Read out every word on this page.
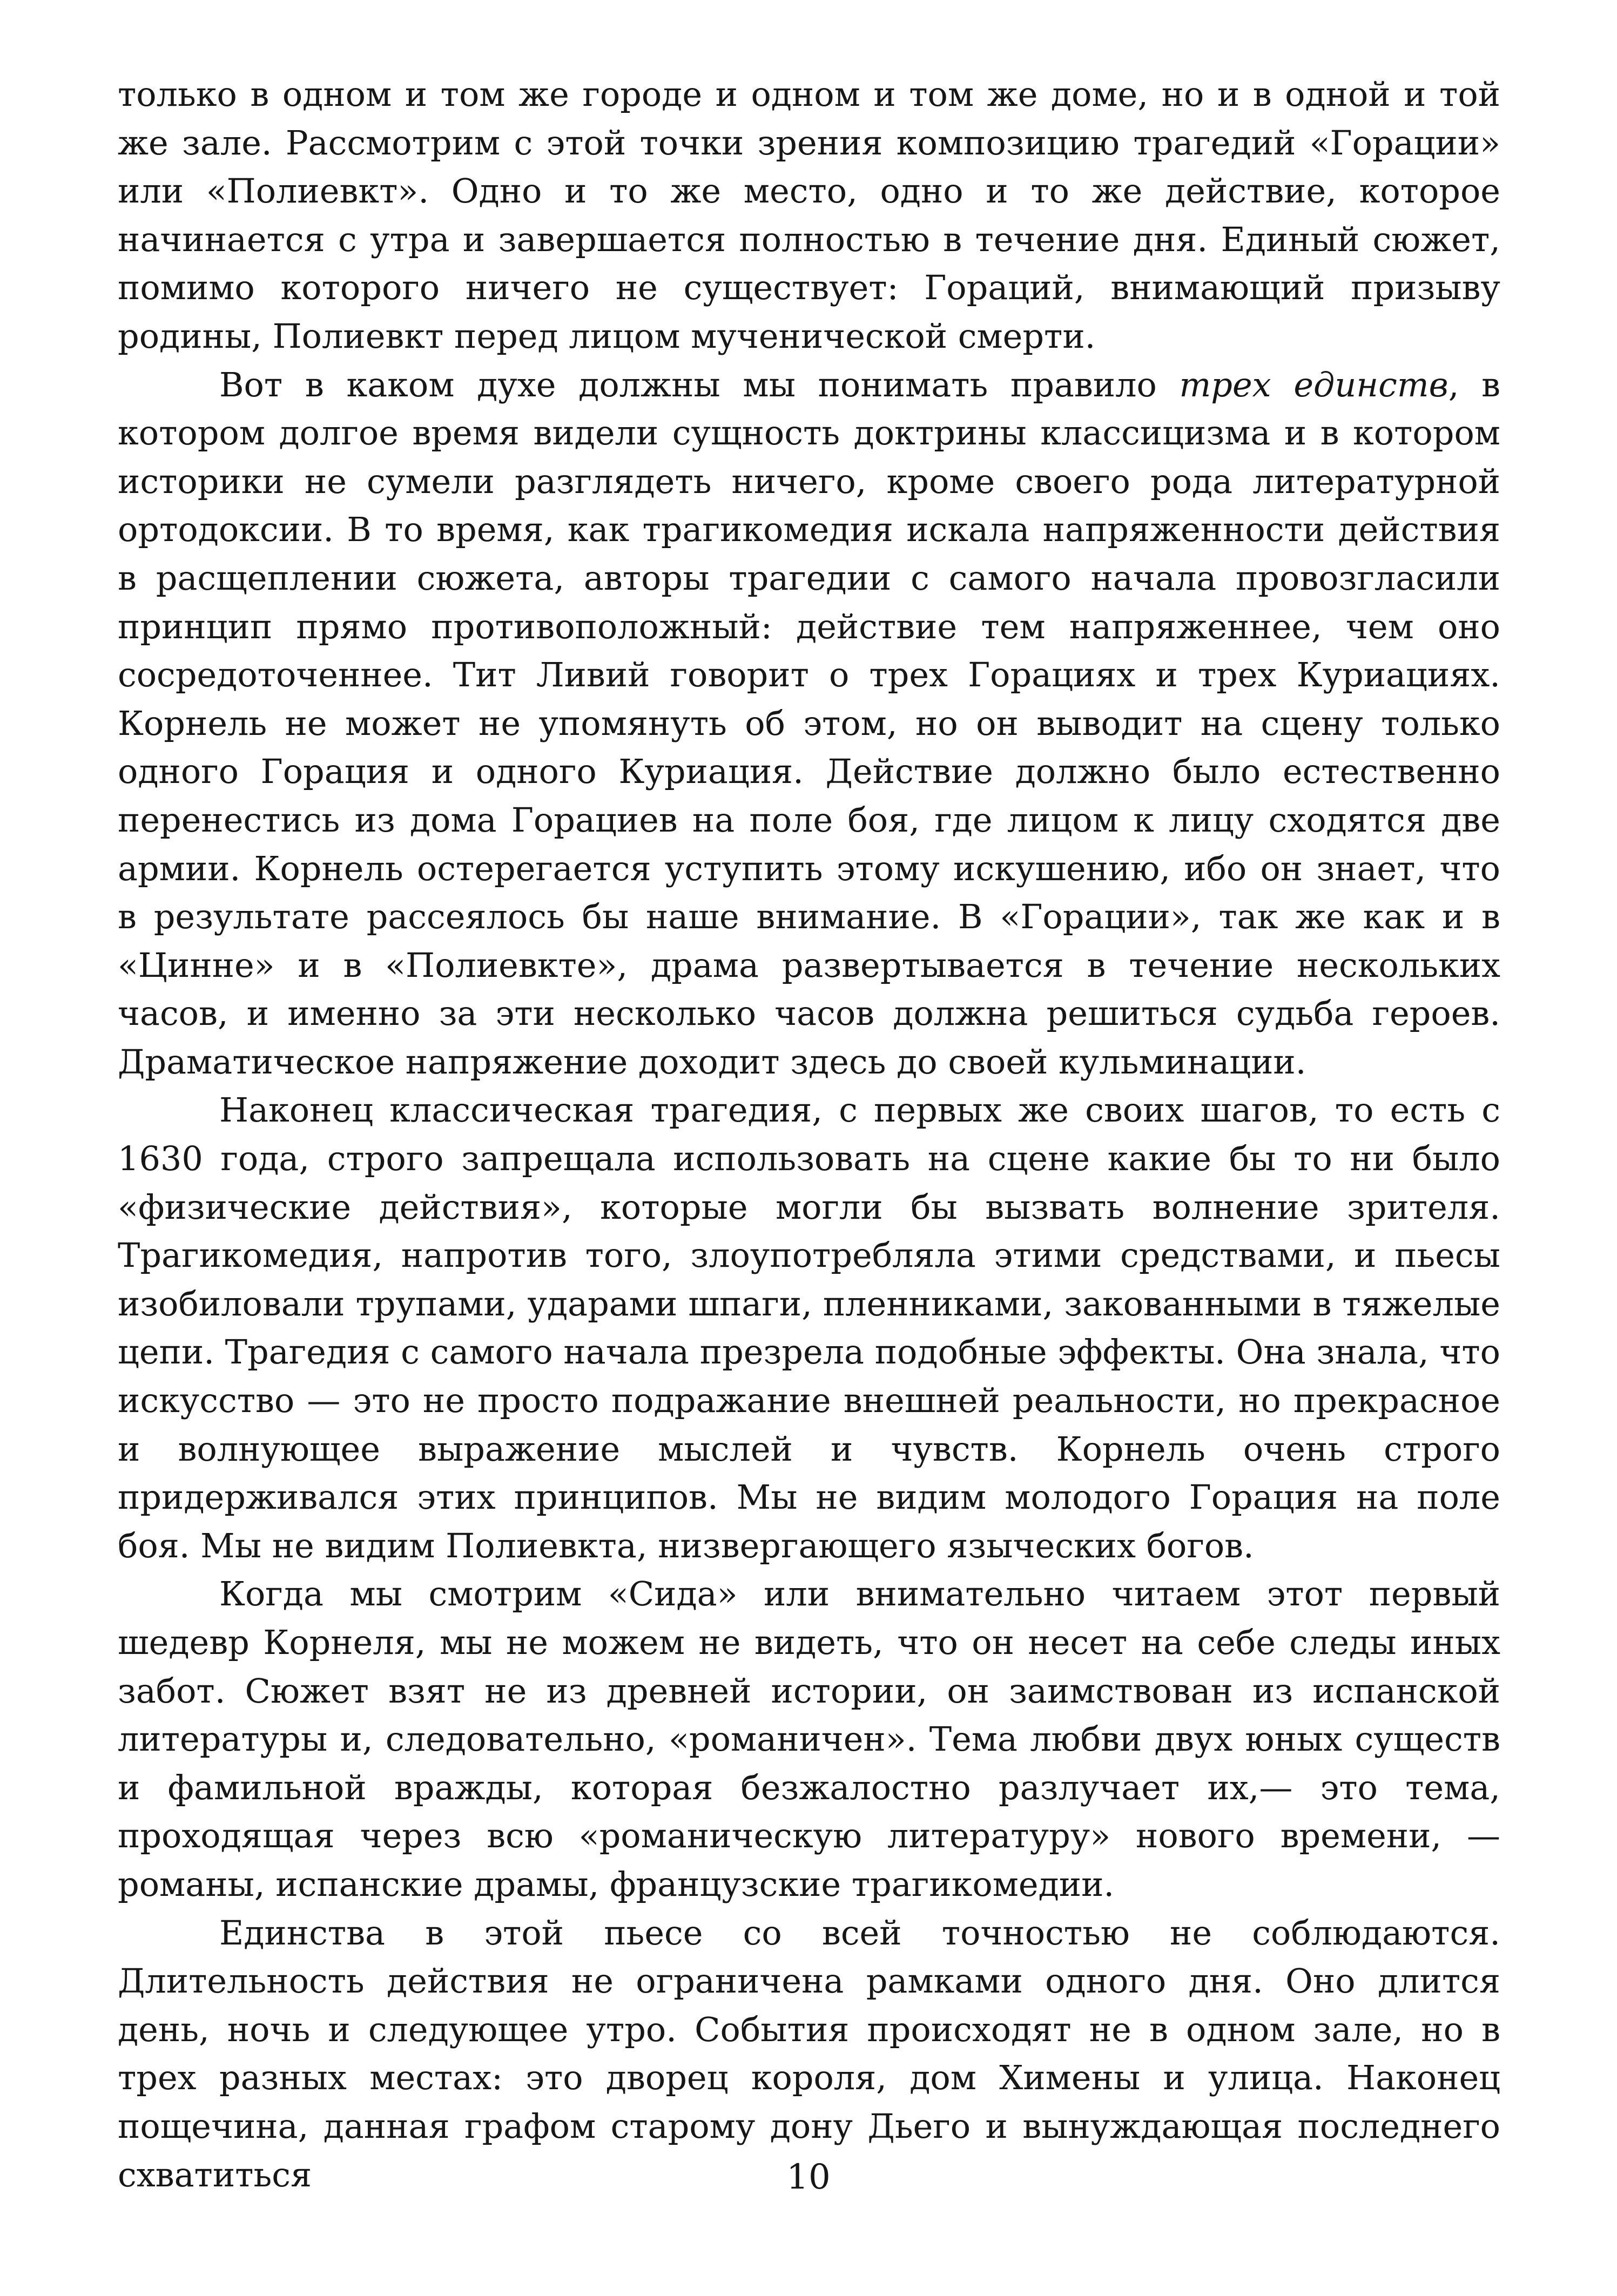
только в одном и том же городе и одном и том же доме, но и в одной и той же зале. Рассмотрим с этой точки зрения композицию трагедий «Горации» или «Полиевкт». Одно и то же место, одно и то же действие, которое начинается с утра и завершается полностью в течение дня. Единый сюжет, помимо которого ничего не существует: Гораций, внимающий призыву родины, Полиевкт перед лицом мученической смерти.

Вот в каком духе должны мы понимать правило трех единств, в котором долгое время видели сущность доктрины классицизма и в котором историки не сумели разглядеть ничего, кроме своего рода литературной ортодоксии. В то время, как трагикомедия искала напряженности действия в расщеплении сюжета, авторы трагедии с самого начала провозгласили принцип прямо противоположный: действие тем напряженнее, чем оно сосредоточеннее. Тит Ливий говорит о трех Горациях и трех Куриациях. Корнель не может не упомянуть об этом, но он выводит на сцену только одного Горация и одного Куриация. Действие должно было естественно перенестись из дома Горациев на поле боя, где лицом к лицу сходятся две армии. Корнель остерегается уступить этому искушению, ибо он знает, что в результате рассеялось бы наше внимание. В «Горации», так же как и в «Цинне» и в «Полиевкте», драма развертывается в течение нескольких часов, и именно за эти несколько часов должна решиться судьба героев. Драматическое напряжение доходит здесь до своей кульминации.

Наконец классическая трагедия, с первых же своих шагов, то есть с 1630 года, строго запрещала использовать на сцене какие бы то ни было «физические действия», которые могли бы вызвать волнение зрителя. Трагикомедия, напротив того, злоупотребляла этими средствами, и пьесы изобиловали трупами, ударами шпаги, пленниками, закованными в тяжелые цепи. Трагедия с самого начала презрела подобные эффекты. Она знала, что искусство — это не просто подражание внешней реальности, но прекрасное и волнующее выражение мыслей и чувств. Корнель очень строго придерживался этих принципов. Мы не видим молодого Горация на поле боя. Мы не видим Полиевкта, низвергающего языческих богов.

Когда мы смотрим «Сида» или внимательно читаем этот первый шедевр Корнеля, мы не можем не видеть, что он несет на себе следы иных забот. Сюжет взят не из древней истории, он заимствован из испанской литературы и, следовательно, «романичен». Тема любви двух юных существ и фамильной вражды, которая безжалостно разлучает их,— это тема, проходящая через всю «романическую литературу» нового времени, — романы, испанские драмы, французские трагикомедии.

Единства в этой пьесе со всей точностью не соблюдаются. Длительность действия не ограничена рамками одного дня. Оно длится день, ночь и следующее утро. События происходят не в одном зале, но в трех разных местах: это дворец короля, дом Химены и улица. Наконец пощечина, данная графом старому дону Дьего и вынуждающая последнего схватиться	10
